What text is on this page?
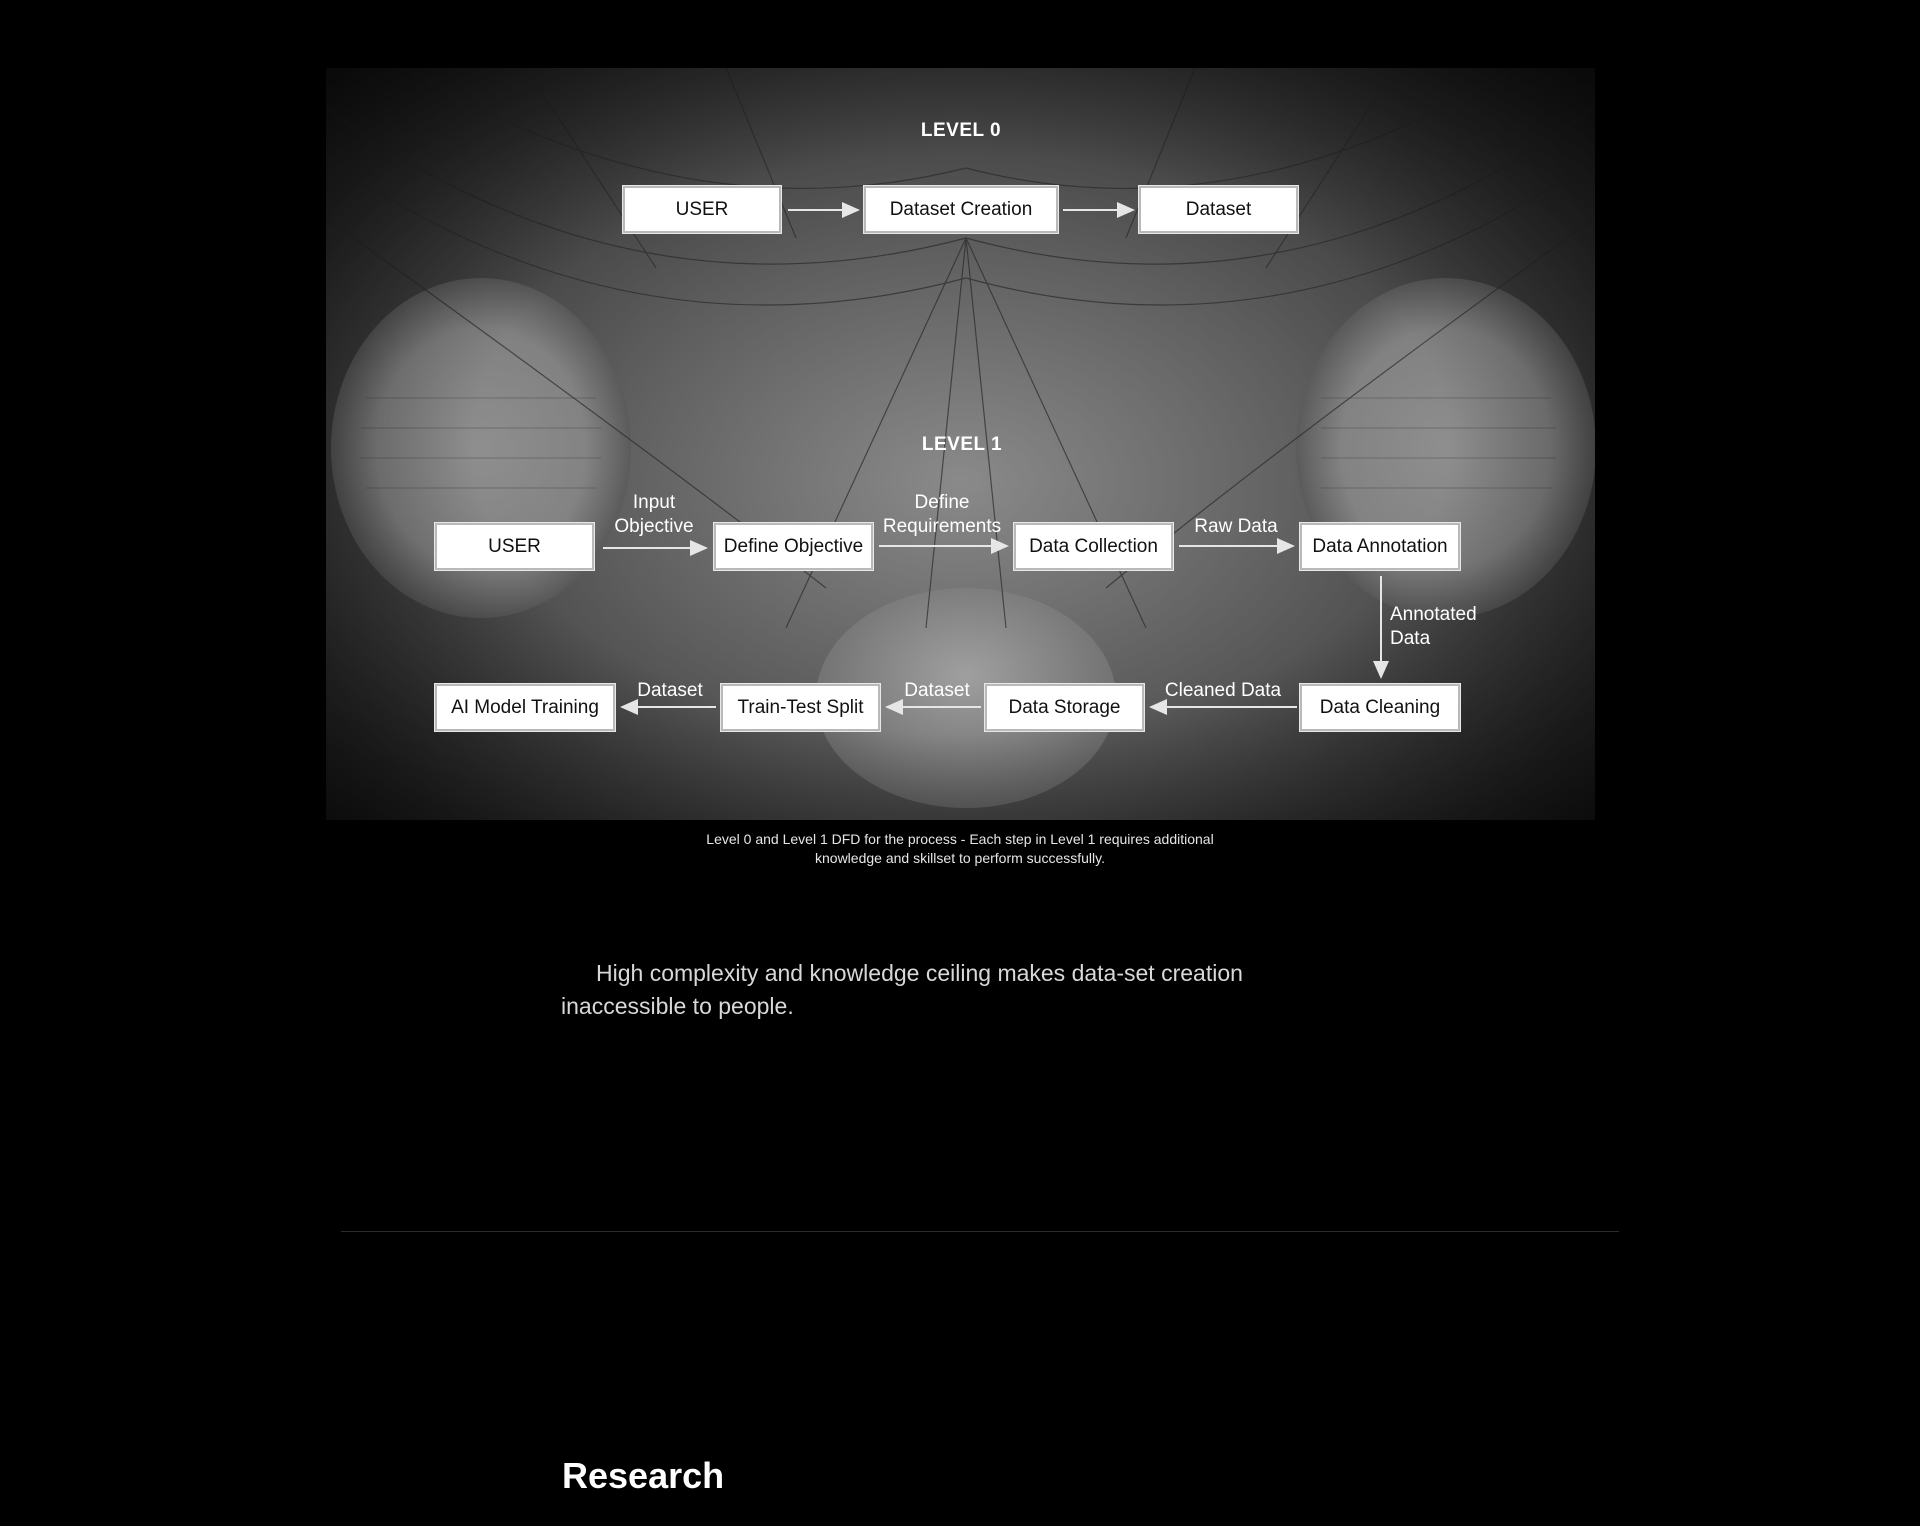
LEVEL 0
USER	Dataset Creation	Dataset
LEVEL 1
USER	Define Objective	Data Collection	Data Annotation
AI Model Training	Train-Test Split	Data Storage	Data Cleaning
Input
Objective
Define
Requirements	Raw Data
Annotated
Data
Cleaned Data
Dataset
Dataset
Level 0 and Level 1 DFD for the process - Each step in Level 1 requires additional
knowledge and skillset to perform successfully.

High complexity and knowledge ceiling makes data-set creation inaccessible to people.

Research
